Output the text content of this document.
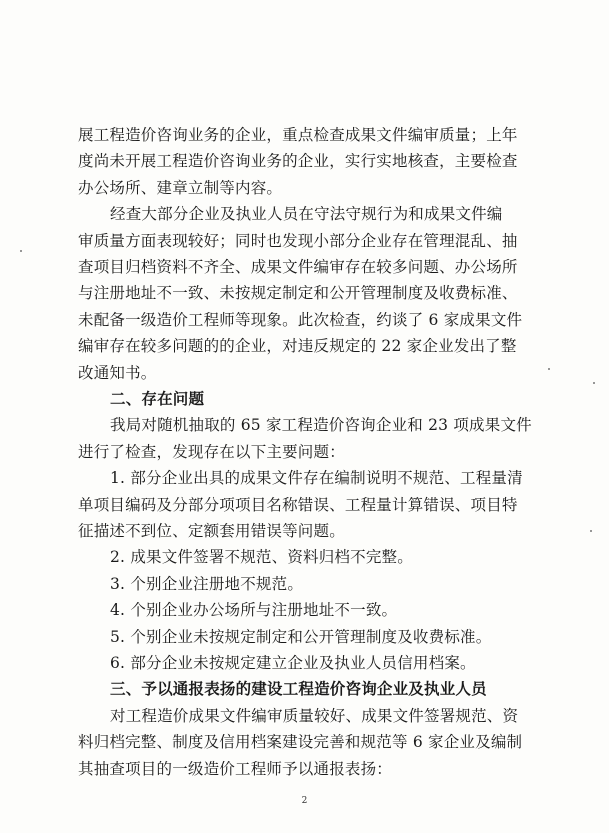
展工程造价咨询业务的企业，重点检查成果文件编审质量；上年
度尚未开展工程造价咨询业务的企业，实行实地核查，主要检查
办公场所、建章立制等内容。
经查大部分企业及执业人员在守法守规行为和成果文件编
审质量方面表现较好；同时也发现小部分企业存在管理混乱、抽
查项目归档资料不齐全、成果文件编审存在较多问题、办公场所
与注册地址不一致、未按规定制定和公开管理制度及收费标准、
未配备一级造价工程师等现象。此次检查，约谈了 6 家成果文件
编审存在较多问题的的企业，对违反规定的 22 家企业发出了整
改通知书。
二、存在问题
我局对随机抽取的 65 家工程造价咨询企业和 23 项成果文件
进行了检查，发现存在以下主要问题：
1. 部分企业出具的成果文件存在编制说明不规范、工程量清
单项目编码及分部分项项目名称错误、工程量计算错误、项目特
征描述不到位、定额套用错误等问题。
2. 成果文件签署不规范、资料归档不完整。
3. 个别企业注册地不规范。
4. 个别企业办公场所与注册地址不一致。
5. 个别企业未按规定制定和公开管理制度及收费标准。
6. 部分企业未按规定建立企业及执业人员信用档案。
三、予以通报表扬的建设工程造价咨询企业及执业人员
对工程造价成果文件编审质量较好、成果文件签署规范、资
料归档完整、制度及信用档案建设完善和规范等 6 家企业及编制
其抽查项目的一级造价工程师予以通报表扬：
2
